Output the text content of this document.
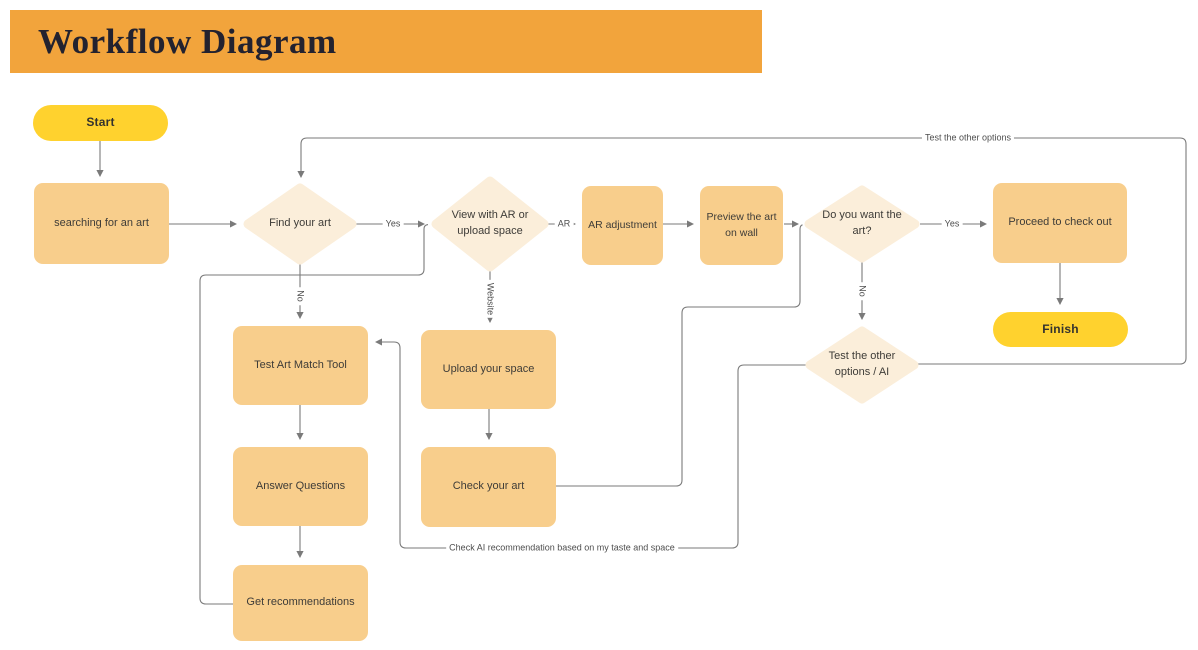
Workflow Diagram
Start
searching for an art	Find your art
View with AR or upload space
AR adjustment
Preview the art on wall
Do you want the art?
Proceed to check out
Finish
Test Art Match Tool	Upload your space
Answer Questions	Check your art
Get recommendations
Test the other options / AI
Yes
No
AR
Website
Yes
No
Test the other options
Check AI recommendation based on my taste and space
